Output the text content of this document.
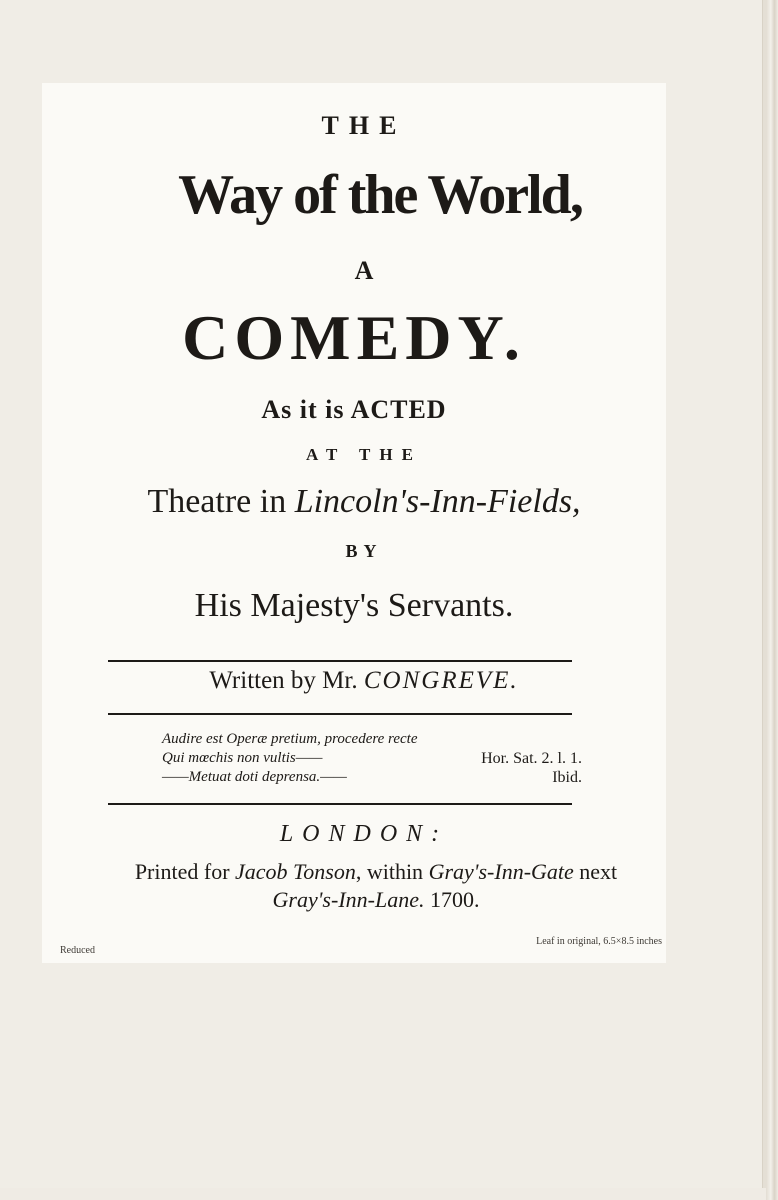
THE
Way of the World,
A
COMEDY.
As it is ACTED
AT THE
Theatre in Lincoln's-Inn-Fields,
BY
His Majesty's Servants.
Written by Mr. CONGREVE.
Audire est Operæ pretium, procedere recte
Qui mœchis non vultis——
——Metuat doti deprensa.——
Hor. Sat. 2. l. 1.
Ibid.
LONDON:
Printed for Jacob Tonson, within Gray's-Inn-Gate next
Gray's-Inn-Lane. 1700.
Reduced
Leaf in original, 6.5×8.5 inches
